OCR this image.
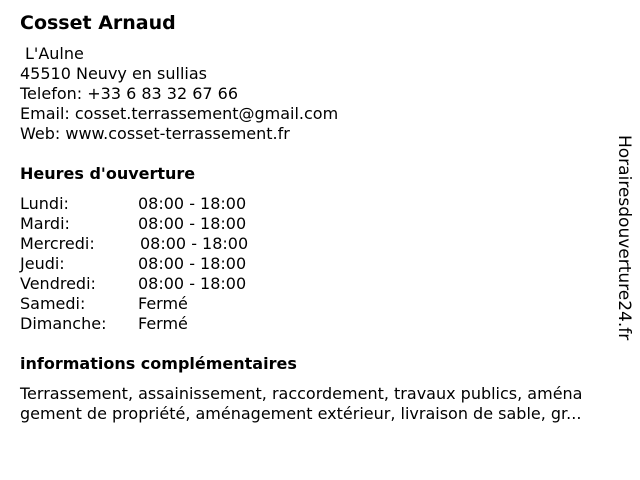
Cosset Arnaud
L'Aulne
45510 Neuvy en sullias
Telefon: +33 6 83 32 67 66
Email: cosset.terrassement@gmail.com
Web: www.cosset-terrassement.fr
Heures d'ouverture
Lundi:	08:00 - 18:00
Mardi:	08:00 - 18:00
Mercredi:	08:00 - 18:00
Jeudi:	08:00 - 18:00
Vendredi:	08:00 - 18:00
Samedi:	Fermé
Dimanche:	Fermé
informations complémentaires
Terrassement, assainissement, raccordement, travaux publics, aména
gement de propriété, aménagement extérieur, livraison de sable, gr...
Horairesdouverture24.fr
